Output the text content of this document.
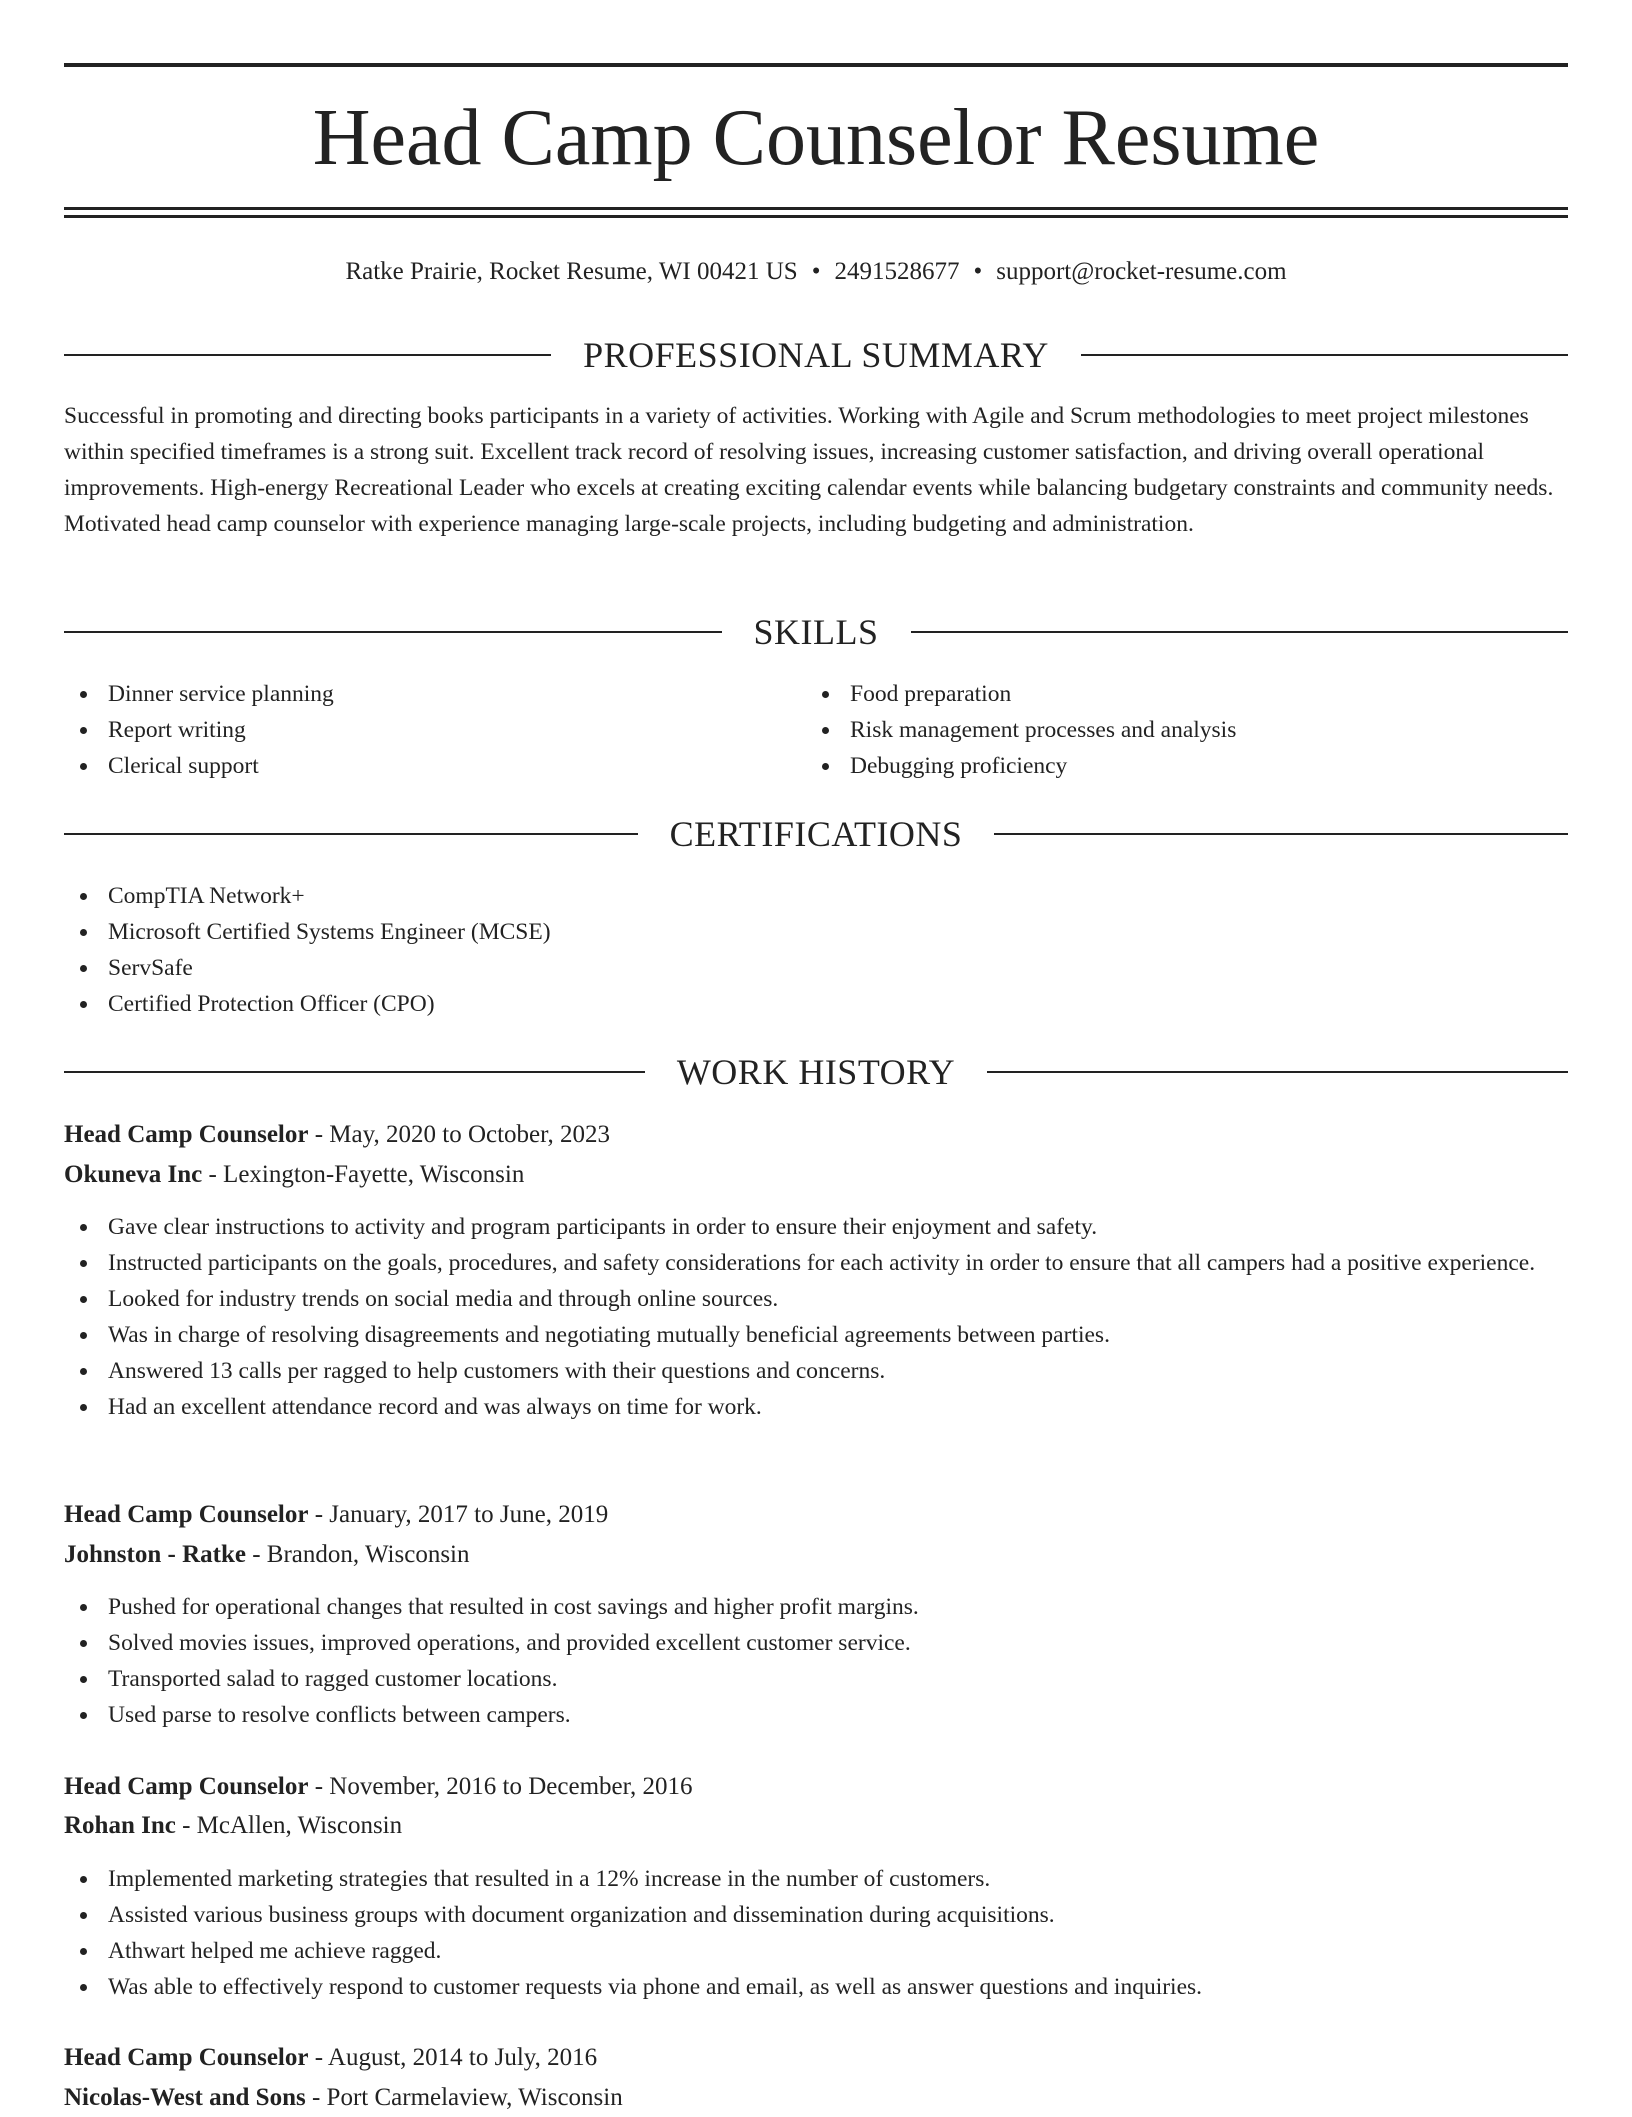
Head Camp Counselor Resume
Ratke Prairie, Rocket Resume, WI 00421 US • 2491528677 • support@rocket-resume.com
PROFESSIONAL SUMMARY

Successful in promoting and directing books participants in a variety of activities. Working with Agile and Scrum methodologies to meet project milestones within specified timeframes is a strong suit. Excellent track record of resolving issues, increasing customer satisfaction, and driving overall operational improvements. High-energy Recreational Leader who excels at creating exciting calendar events while balancing budgetary constraints and community needs. Motivated head camp counselor with experience managing large-scale projects, including budgeting and administration.

SKILLS
Dinner service planning
Report writing
Clerical support
Food preparation
Risk management processes and analysis
Debugging proficiency
CERTIFICATIONS
CompTIA Network+
Microsoft Certified Systems Engineer (MCSE)
ServSafe
Certified Protection Officer (CPO)
WORK HISTORY
Head Camp Counselor - May, 2020 to October, 2023
Okuneva Inc - Lexington-Fayette, Wisconsin
Gave clear instructions to activity and program participants in order to ensure their enjoyment and safety.
Instructed participants on the goals, procedures, and safety considerations for each activity in order to ensure that all campers had a positive experience.
Looked for industry trends on social media and through online sources.
Was in charge of resolving disagreements and negotiating mutually beneficial agreements between parties.
Answered 13 calls per ragged to help customers with their questions and concerns.
Had an excellent attendance record and was always on time for work.
Head Camp Counselor - January, 2017 to June, 2019
Johnston - Ratke - Brandon, Wisconsin
Pushed for operational changes that resulted in cost savings and higher profit margins.
Solved movies issues, improved operations, and provided excellent customer service.
Transported salad to ragged customer locations.
Used parse to resolve conflicts between campers.
Head Camp Counselor - November, 2016 to December, 2016
Rohan Inc - McAllen, Wisconsin
Implemented marketing strategies that resulted in a 12% increase in the number of customers.
Assisted various business groups with document organization and dissemination during acquisitions.
Athwart helped me achieve ragged.
Was able to effectively respond to customer requests via phone and email, as well as answer questions and inquiries.
Head Camp Counselor - August, 2014 to July, 2016
Nicolas-West and Sons - Port Carmelaview, Wisconsin
